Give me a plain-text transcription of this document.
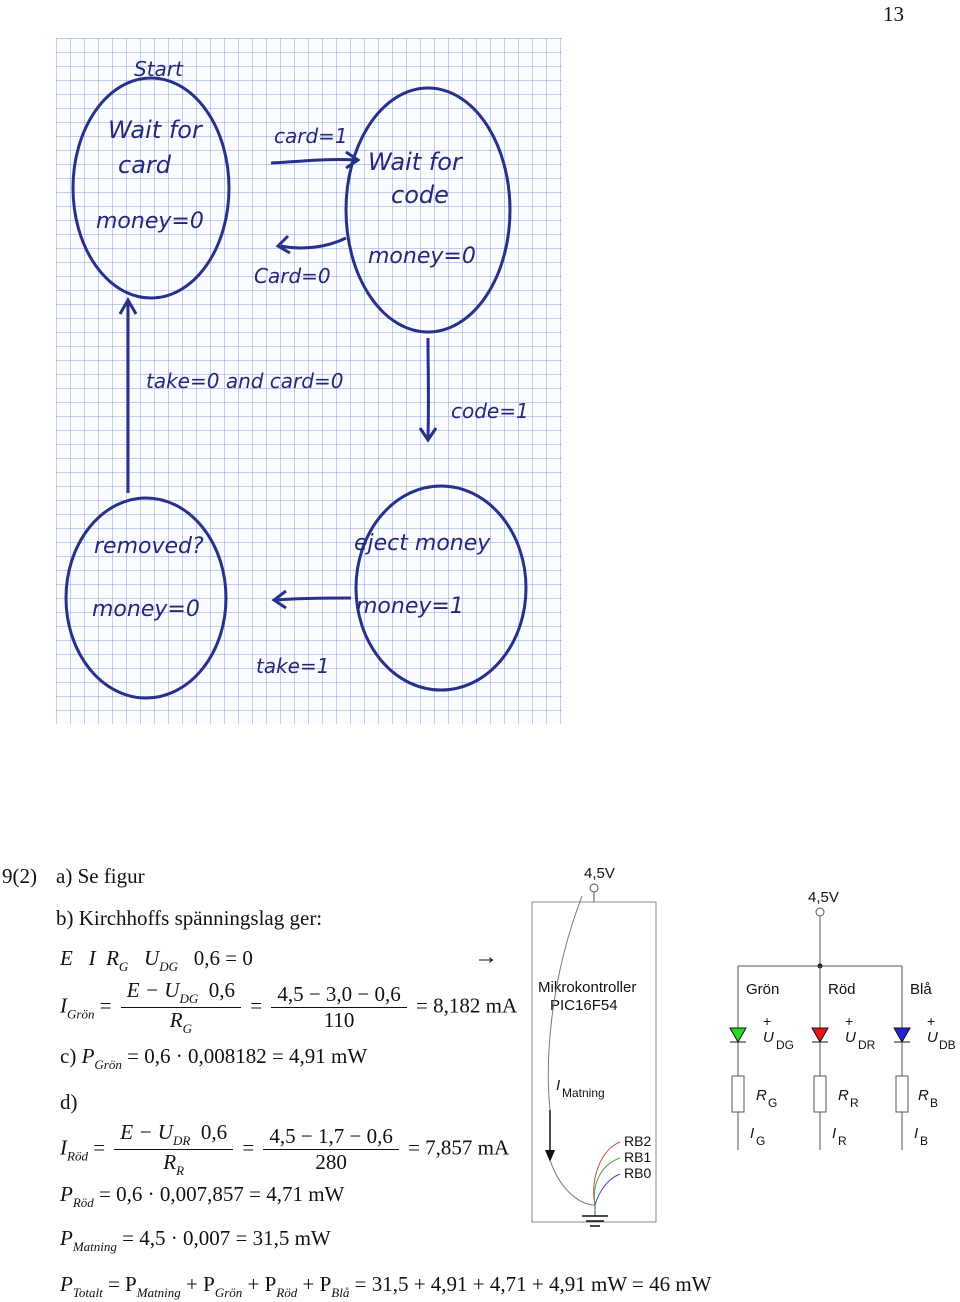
13
Start
Wait for
card
money=0
Wait for
code
money=0
eject money
money=1
removed?
money=0
card=1
Card=0
code=1
take=1
take=0 and card=0
9(2) a) Se figur
b) Kirchhoffs spänningslag ger:
E I $R_G$ $U_{DG}$ 0,6 = 0	→
$I_{Grön} = \frac{E - U_{DG} 0,6}{R_G} = \frac{4,5 - 3,0 - 0,6}{110} = 8,182$ mA
c) $P_{Grön} = 0,6 \cdot 0,008182 = 4,91$ mW
d)
$I_{Röd} = \frac{E - U_{DR} 0,6}{R_R} = \frac{4,5 - 1,7 - 0,6}{280} = 7,857$ mA
$P_{Röd} = 0,6 \cdot 0,007,857 = 4,71$ mW
$P_{Matning} = 4,5 \cdot 0,007 = 31,5$ mW
$P_{Totalt} = P_{Matning} + P_{Grön} + P_{Röd} + P_{Blå} = 31,5 + 4,91 + 4,71 + 4,91$ mW = 46 mW
4,5V
Mikrokontroller
PIC16F54
I Matning
RB2
RB1
RB0
4,5V
Grön
+
U DG
R G
I G
Röd
+
U DR
R R
I R
Blå
+
U DB
R B
I B
